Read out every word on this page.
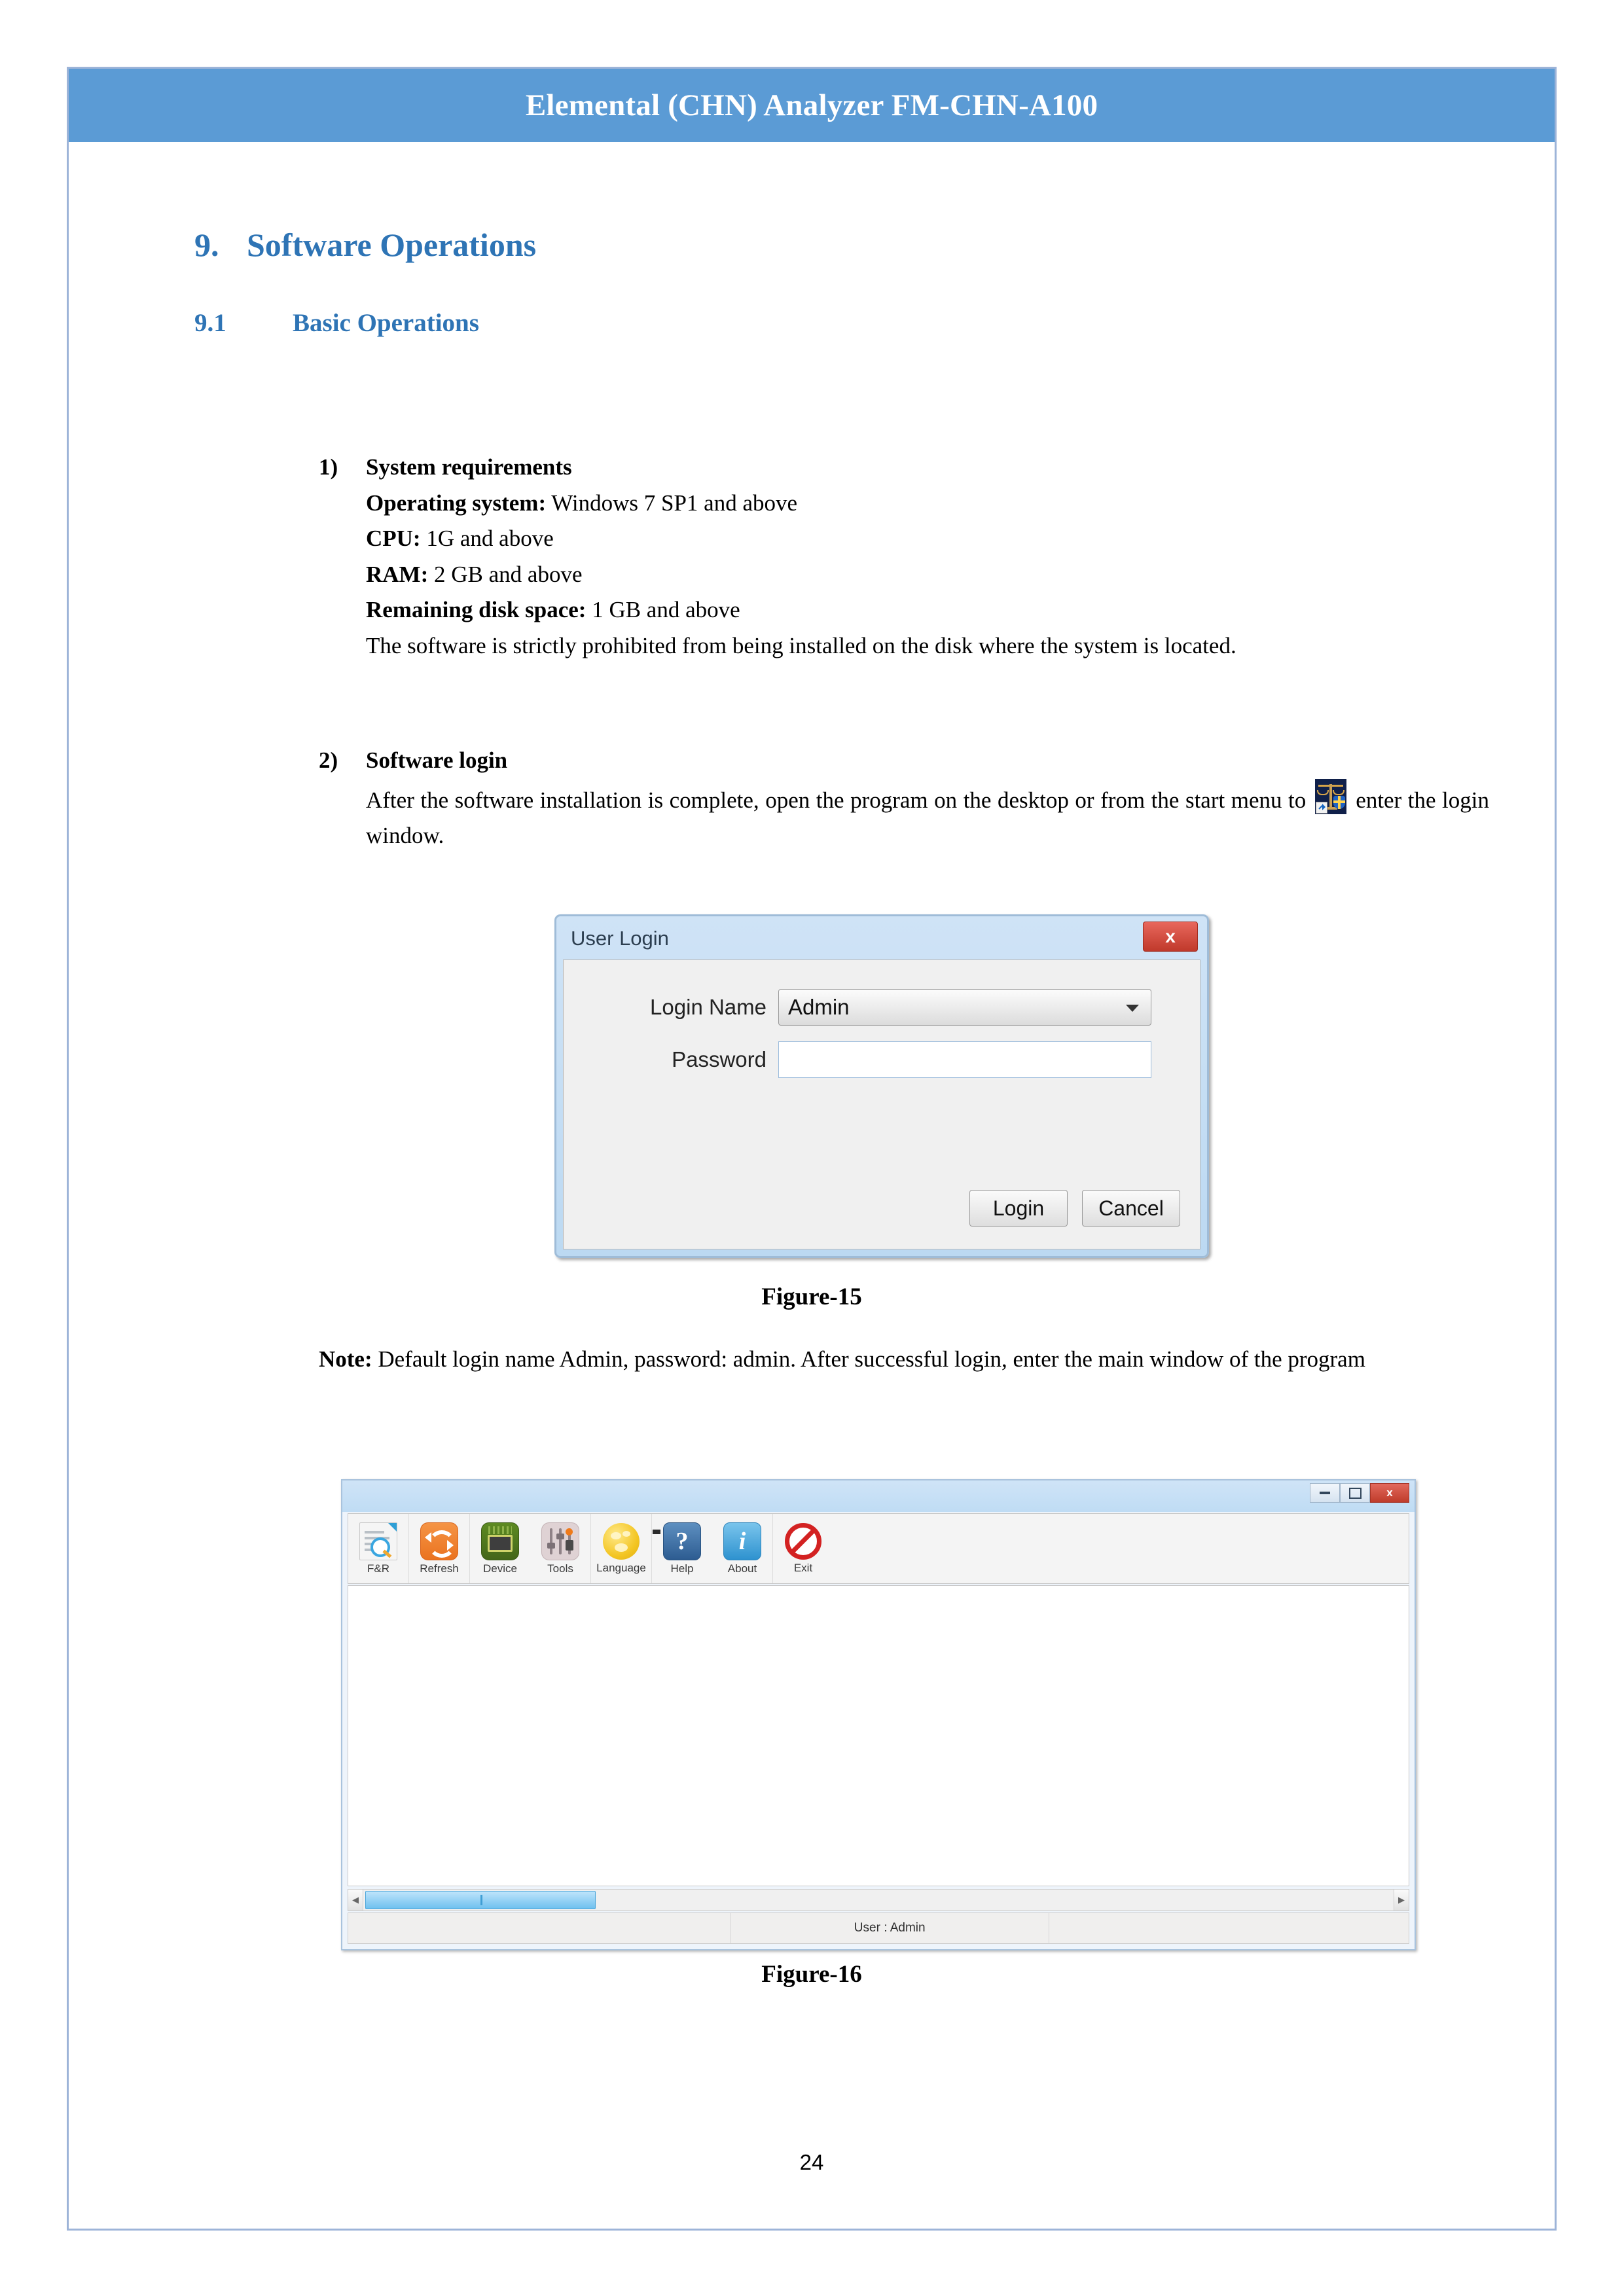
Elemental (CHN) Analyzer FM-CHN-A100
9. Software Operations
9.1	Basic Operations
1) System requirements
Operating system: Windows 7 SP1 and above
CPU: 1G and above
RAM: 2 GB and above
Remaining disk space: 1 GB and above
The software is strictly prohibited from being installed on the disk where the system is located.
2) Software login
After the software installation is complete, open the program on the desktop or from the start menu to enter the login window.
User Login	x
Login Name	Admin
Password
Login	Cancel
Figure-15
Note: Default login name Admin, password: admin. After successful login, enter the main window of the program
x
F&R	Refresh Device	Tools Language
?
Help
i
About	Exit
◀	▶
User : Admin
Figure-16
24
